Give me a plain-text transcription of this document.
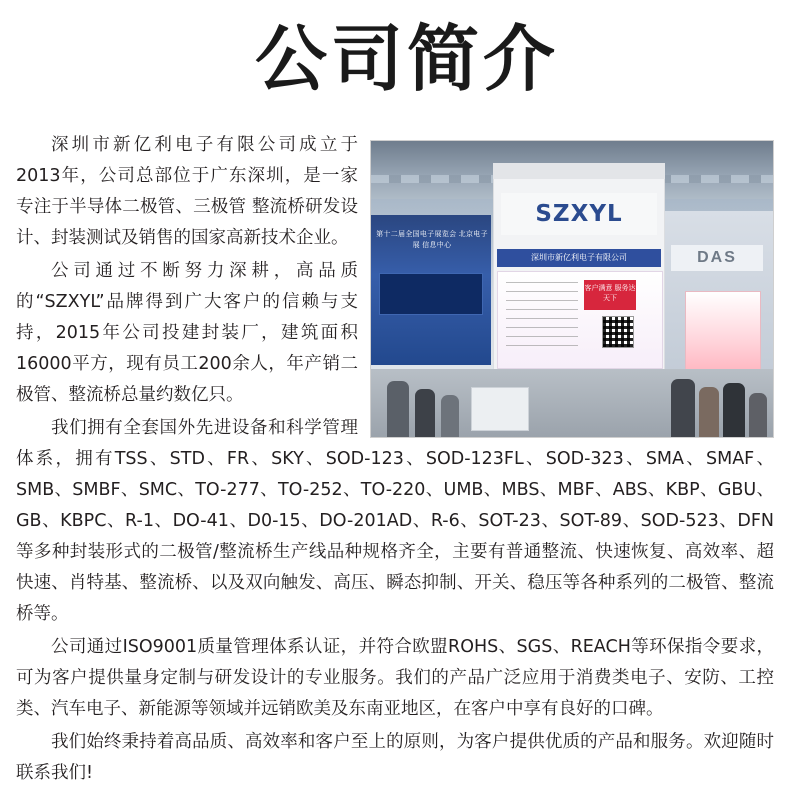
公司简介
第十二届全国电子展览会 北京电子展 信息中心
DAS
SZXYL
深圳市新亿利电子有限公司
客户满意 服务达天下

深圳市新亿利电子有限公司成立于2013年，公司总部位于广东深圳，是一家专注于半导体二极管、三极管 整流桥研发设计、封装测试及销售的国家高新技术企业。

公司通过不断努力深耕，高品质的“SZXYL”品牌得到广大客户的信赖与支持，2015年公司投建封装厂，建筑面积16000平方，现有员工200余人，年产销二极管、整流桥总量约数亿只。

我们拥有全套国外先进设备和科学管理体系，拥有TSS、STD、FR、SKY、SOD-123、SOD-123FL、SOD-323、SMA、SMAF、SMB、SMBF、SMC、TO-277、TO-252、TO-220、UMB、MBS、MBF、ABS、KBP、GBU、GB、KBPC、R-1、DO-41、D0-15、DO-201AD、R-6、SOT-23、SOT-89、SOD-523、DFN等多种封装形式的二极管/整流桥生产线品种规格齐全，主要有普通整流、快速恢复、高效率、超快速、肖特基、整流桥、以及双向触发、高压、瞬态抑制、开关、稳压等各种系列的二极管、整流桥等。

公司通过ISO9001质量管理体系认证，并符合欧盟ROHS、SGS、REACH等环保指令要求，可为客户提供量身定制与研发设计的专业服务。我们的产品广泛应用于消费类电子、安防、工控类、汽车电子、新能源等领域并远销欧美及东南亚地区，在客户中享有良好的口碑。

我们始终秉持着高品质、高效率和客户至上的原则，为客户提供优质的产品和服务。欢迎随时联系我们!
